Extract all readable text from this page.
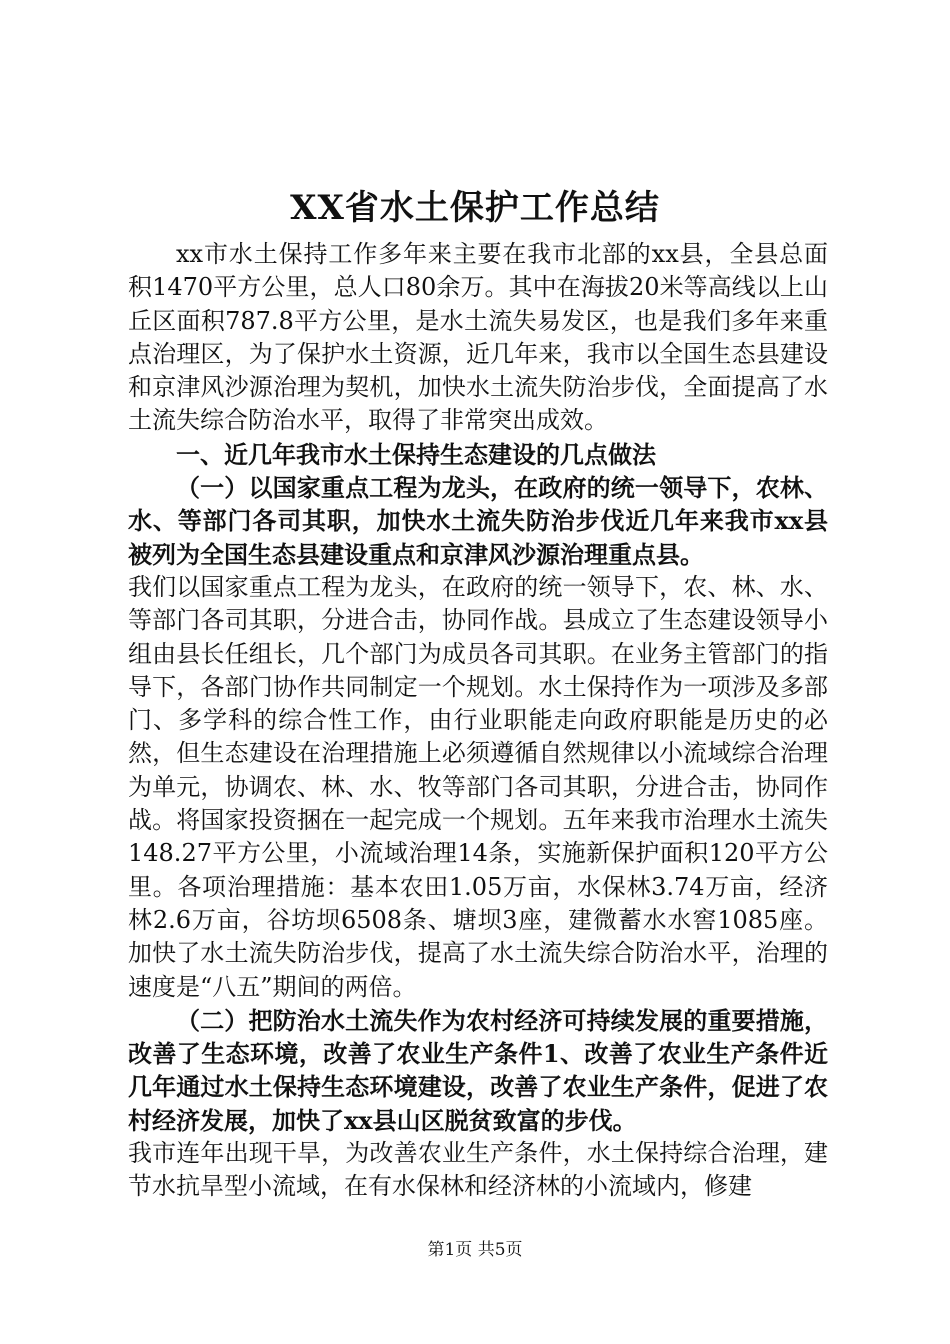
XX省水土保护工作总结

xx市水土保持工作多年来主要在我市北部的xx县，全县总面积1470平方公里，总人口80余万。其中在海拔20米等高线以上山丘区面积787.8平方公里，是水土流失易发区，也是我们多年来重点治理区，为了保护水土资源，近几年来，我市以全国生态县建设和京津风沙源治理为契机，加快水土流失防治步伐，全面提高了水土流失综合防治水平，取得了非常突出成效。

一、近几年我市水土保持生态建设的几点做法

（一）以国家重点工程为龙头，在政府的统一领导下，农林、水、等部门各司其职，加快水土流失防治步伐近几年来我市xx县被列为全国生态县建设重点和京津风沙源治理重点县。

我们以国家重点工程为龙头，在政府的统一领导下，农、林、水、等部门各司其职，分进合击，协同作战。县成立了生态建设领导小组由县长任组长，几个部门为成员各司其职。在业务主管部门的指导下，各部门协作共同制定一个规划。水土保持作为一项涉及多部门、多学科的综合性工作，由行业职能走向政府职能是历史的必然，但生态建设在治理措施上必须遵循自然规律以小流域综合治理为单元，协调农、林、水、牧等部门各司其职，分进合击，协同作战。将国家投资捆在一起完成一个规划。五年来我市治理水土流失148.27平方公里，小流域治理14条，实施新保护面积120平方公里。各项治理措施：基本农田1.05万亩，水保林3.74万亩，经济林2.6万亩，谷坊坝6508条、塘坝3座，建微蓄水水窖1085座。加快了水土流失防治步伐，提高了水土流失综合防治水平，治理的速度是“八五”期间的两倍。

（二）把防治水土流失作为农村经济可持续发展的重要措施，改善了生态环境，改善了农业生产条件1、改善了农业生产条件近几年通过水土保持生态环境建设，改善了农业生产条件，促进了农村经济发展，加快了xx县山区脱贫致富的步伐。

我市连年出现干旱，为改善农业生产条件，水土保持综合治理，建节水抗旱型小流域，在有水保林和经济林的小流域内，修建

第1页 共5页
